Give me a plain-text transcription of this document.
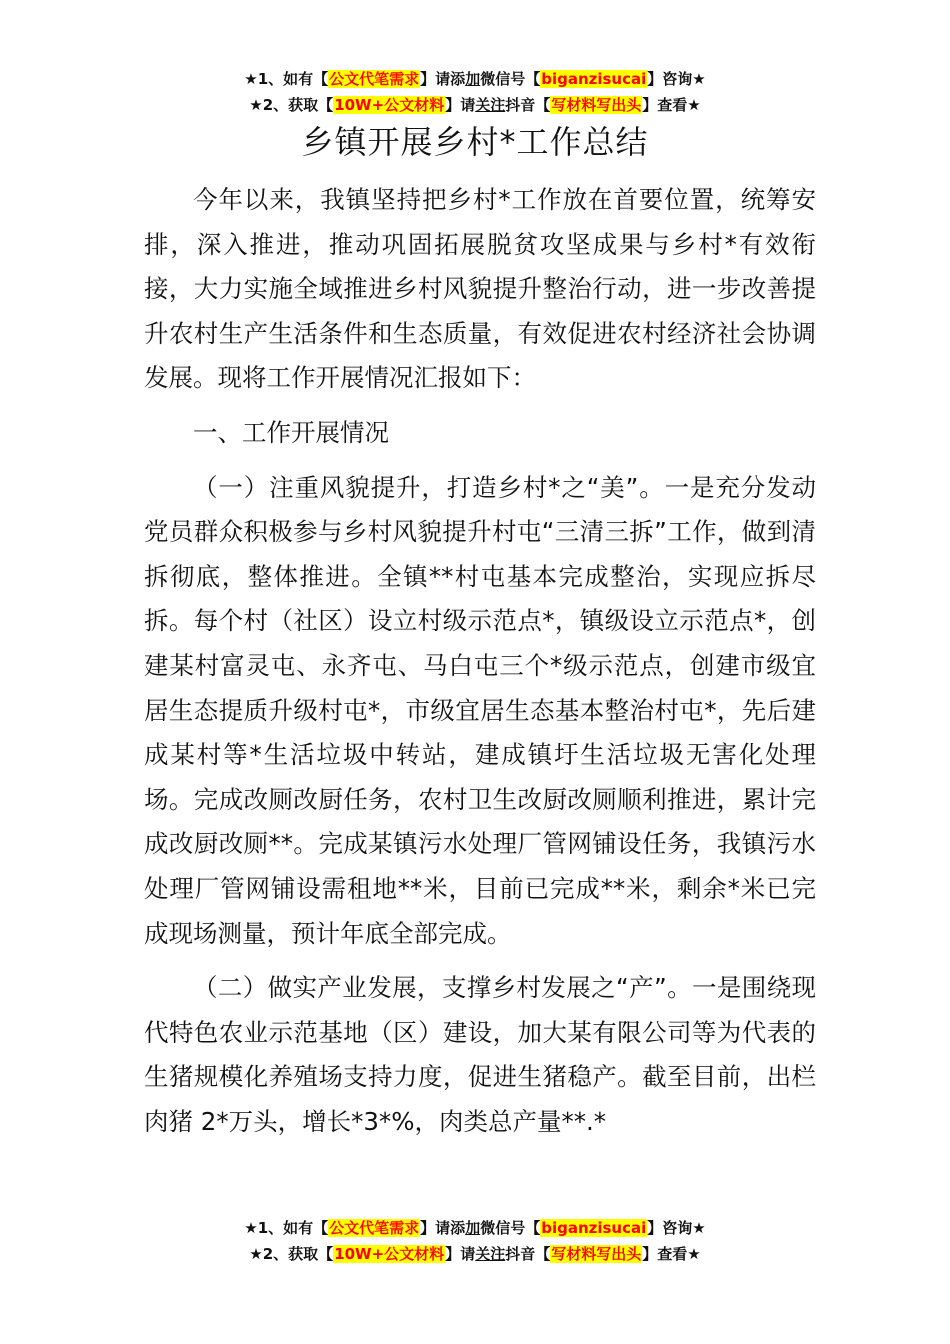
★1、如有【公文代笔需求】请添加微信号【biganzisucai】咨询★
★2、获取【10W+公文材料】请关注抖音【写材料写出头】查看★
乡镇开展乡村*工作总结

今年以来，我镇坚持把乡村*工作放在首要位置，统筹安排，深入推进，推动巩固拓展脱贫攻坚成果与乡村*有效衔接，大力实施全域推进乡村风貌提升整治行动，进一步改善提升农村生产生活条件和生态质量，有效促进农村经济社会协调发展。现将工作开展情况汇报如下：

一、工作开展情况

（一）注重风貌提升，打造乡村*之“美”。一是充分发动党员群众积极参与乡村风貌提升村屯“三清三拆”工作，做到清拆彻底，整体推进。全镇**村屯基本完成整治，实现应拆尽拆。每个村（社区）设立村级示范点*，镇级设立示范点*，创建某村富灵屯、永齐屯、马白屯三个*级示范点，创建市级宜居生态提质升级村屯*，市级宜居生态基本整治村屯*，先后建成某村等*生活垃圾中转站，建成镇圩生活垃圾无害化处理场。完成改厕改厨任务，农村卫生改厨改厕顺利推进，累计完成改厨改厕**。完成某镇污水处理厂管网铺设任务，我镇污水处理厂管网铺设需租地**米，目前已完成**米，剩余*米已完成现场测量，预计年底全部完成。

（二）做实产业发展，支撑乡村发展之“产”。一是围绕现代特色农业示范基地（区）建设，加大某有限公司等为代表的生猪规模化养殖场支持力度，促进生猪稳产。截至目前，出栏肉猪 2*万头，增长*3*%，肉类总产量**.*

★1、如有【公文代笔需求】请添加微信号【biganzisucai】咨询★
★2、获取【10W+公文材料】请关注抖音【写材料写出头】查看★
